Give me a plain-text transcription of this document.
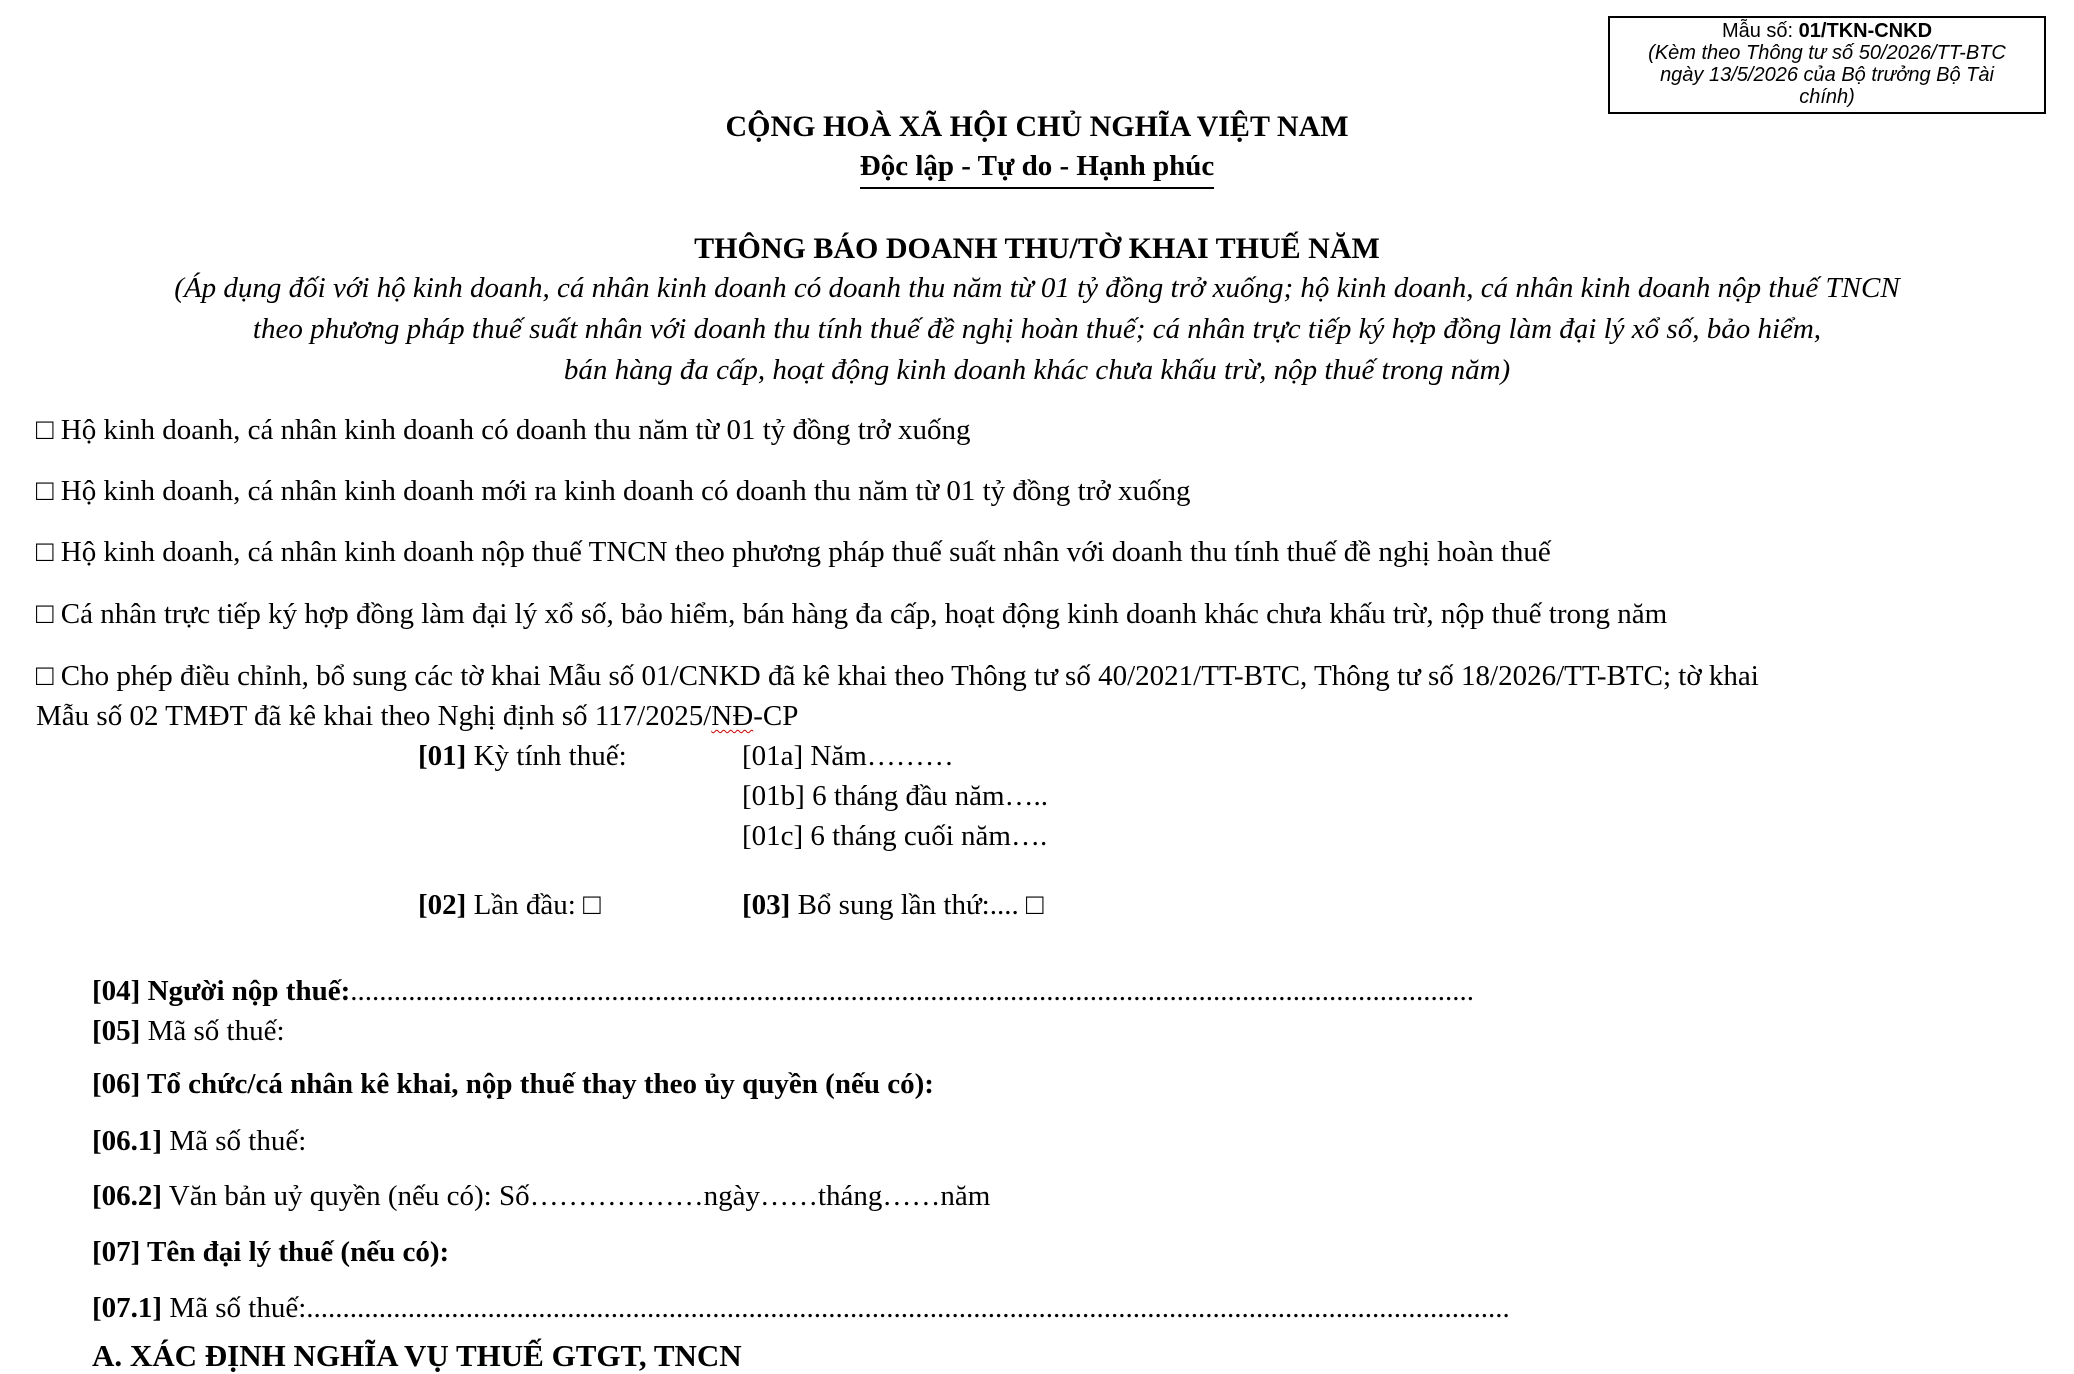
Mẫu số: 01/TKN-CNKD
(Kèm theo Thông tư số 50/2026/TT-BTC
ngày 13/5/2026 của Bộ trưởng Bộ Tài
chính)
CỘNG HOÀ XÃ HỘI CHỦ NGHĨA VIỆT NAM
Độc lập - Tự do - Hạnh phúc
THÔNG BÁO DOANH THU/TỜ KHAI THUẾ NĂM
(Áp dụng đối với hộ kinh doanh, cá nhân kinh doanh có doanh thu năm từ 01 tỷ đồng trở xuống; hộ kinh doanh, cá nhân kinh doanh nộp thuế TNCN
theo phương pháp thuế suất nhân với doanh thu tính thuế đề nghị hoàn thuế; cá nhân trực tiếp ký hợp đồng làm đại lý xổ số, bảo hiểm,
bán hàng đa cấp, hoạt động kinh doanh khác chưa khấu trừ, nộp thuế trong năm)
□ Hộ kinh doanh, cá nhân kinh doanh có doanh thu năm từ 01 tỷ đồng trở xuống
□ Hộ kinh doanh, cá nhân kinh doanh mới ra kinh doanh có doanh thu năm từ 01 tỷ đồng trở xuống
□ Hộ kinh doanh, cá nhân kinh doanh nộp thuế TNCN theo phương pháp thuế suất nhân với doanh thu tính thuế đề nghị hoàn thuế
□ Cá nhân trực tiếp ký hợp đồng làm đại lý xổ số, bảo hiểm, bán hàng đa cấp, hoạt động kinh doanh khác chưa khấu trừ, nộp thuế trong năm
□ Cho phép điều chỉnh, bổ sung các tờ khai Mẫu số 01/CNKD đã kê khai theo Thông tư số 40/2021/TT-BTC, Thông tư số 18/2026/TT-BTC; tờ khai
Mẫu số 02 TMĐT đã kê khai theo Nghị định số 117/2025/NĐ-CP
[01] Kỳ tính thuế:	[01a] Năm………
[01b] 6 tháng đầu năm…..
[01c] 6 tháng cuối năm….
[02] Lần đầu: □	[03] Bổ sung lần thứ:.... □
[04] Người nộp thuế:...........................................................................................................................................................
[05] Mã số thuế:
[06] Tổ chức/cá nhân kê khai, nộp thuế thay theo ủy quyền (nếu có):
[06.1] Mã số thuế:
[06.2] Văn bản uỷ quyền (nếu có): Số………………ngày……tháng……năm
[07] Tên đại lý thuế (nếu có):
[07.1] Mã số thuế:......................................................................................................................................................................
A. XÁC ĐỊNH NGHĨA VỤ THUẾ GTGT, TNCN
